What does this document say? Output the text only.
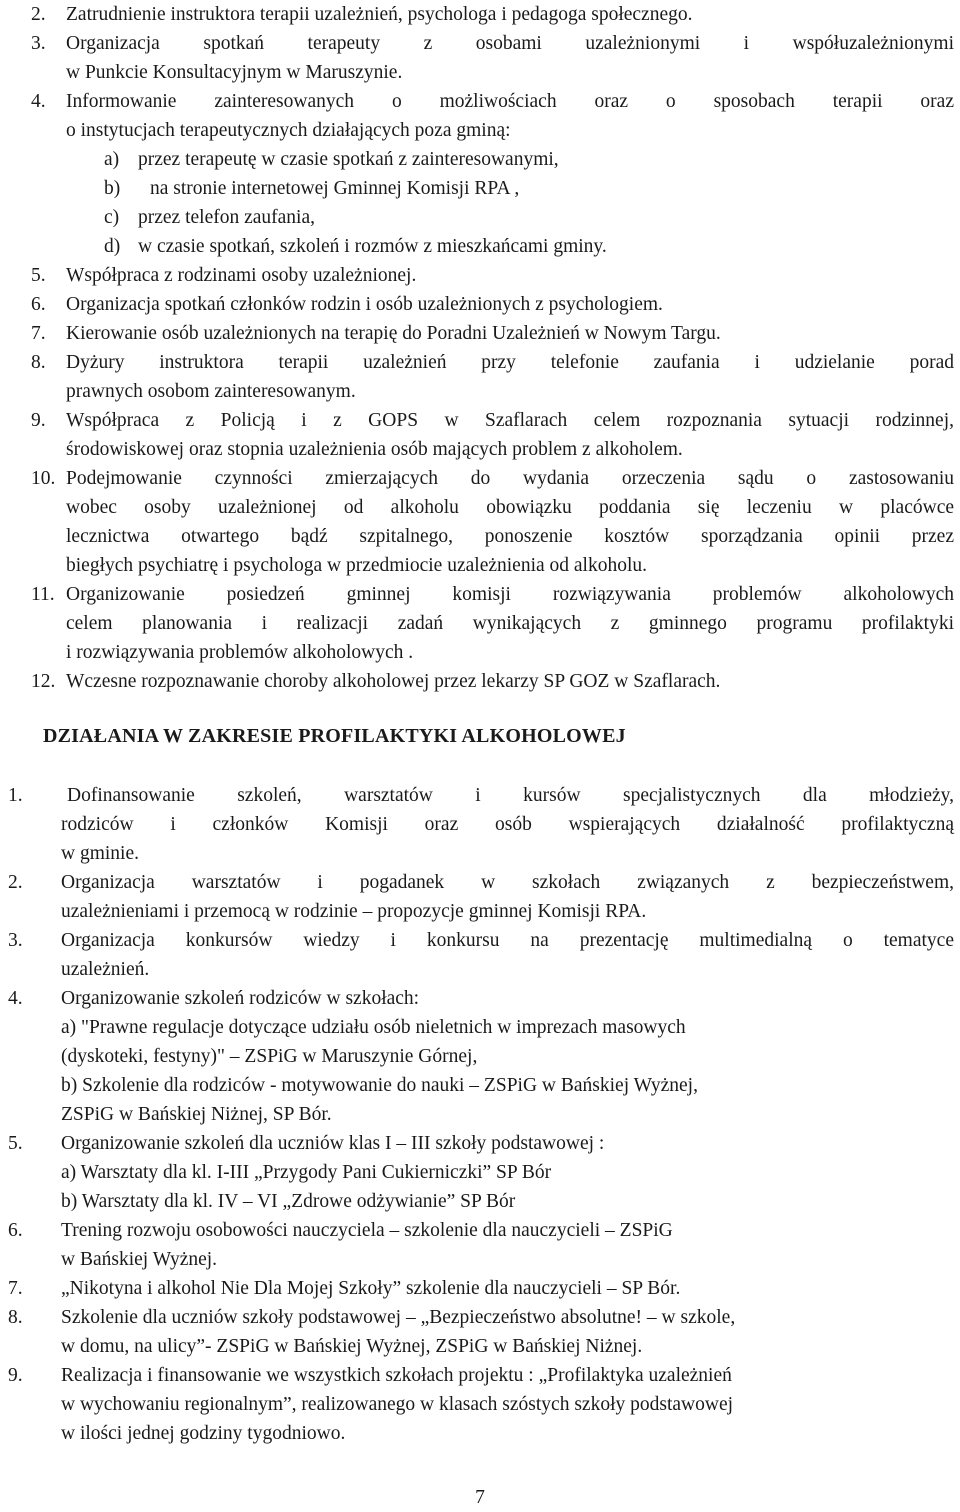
2. Zatrudnienie instruktora terapii uzależnień, psychologa i pedagoga społecznego.
3. Organizacja spotkań terapeuty z osobami uzależnionymi i współuzależnionymi
w Punkcie Konsultacyjnym w Maruszynie.
4. Informowanie zainteresowanych o możliwościach oraz o sposobach terapii oraz
o instytucjach terapeutycznych działających poza gminą:
a) przez terapeutę w czasie spotkań z zainteresowanymi,
b) na stronie internetowej Gminnej Komisji RPA ,
c) przez telefon zaufania,
d) w czasie spotkań, szkoleń i rozmów z mieszkańcami gminy.
5. Współpraca z rodzinami osoby uzależnionej.
6. Organizacja spotkań członków rodzin i osób uzależnionych z psychologiem.
7. Kierowanie osób uzależnionych na terapię do Poradni Uzależnień w Nowym Targu.
8. Dyżury instruktora terapii uzależnień przy telefonie zaufania i udzielanie porad
prawnych osobom zainteresowanym.
9. Współpraca z Policją i z GOPS w Szaflarach celem rozpoznania sytuacji rodzinnej,
środowiskowej oraz stopnia uzależnienia osób mających problem z alkoholem.
10. Podejmowanie czynności zmierzających do wydania orzeczenia sądu o zastosowaniu
wobec osoby uzależnionej od alkoholu obowiązku poddania się leczeniu w placówce
lecznictwa otwartego bądź szpitalnego, ponoszenie kosztów sporządzania opinii przez
biegłych psychiatrę i psychologa w przedmiocie uzależnienia od alkoholu.
11. Organizowanie posiedzeń gminnej komisji rozwiązywania problemów alkoholowych
celem planowania i realizacji zadań wynikających z gminnego programu profilaktyki
i rozwiązywania problemów alkoholowych .
12. Wczesne rozpoznawanie choroby alkoholowej przez lekarzy SP GOZ w Szaflarach.
DZIAŁANIA W ZAKRESIE PROFILAKTYKI ALKOHOLOWEJ
1.	Dofinansowanie szkoleń, warsztatów i kursów specjalistycznych dla młodzieży,
rodziców i członków Komisji oraz osób wspierających działalność profilaktyczną
w gminie.
2. Organizacja warsztatów i pogadanek w szkołach związanych z bezpieczeństwem,
uzależnieniami i przemocą w rodzinie – propozycje gminnej Komisji RPA.
3. Organizacja konkursów wiedzy i konkursu na prezentację multimedialną o tematyce
uzależnień.
4. Organizowanie szkoleń rodziców w szkołach:
a) "Prawne regulacje dotyczące udziału osób nieletnich w imprezach masowych
(dyskoteki, festyny)" – ZSPiG w Maruszynie Górnej,
b) Szkolenie dla rodziców - motywowanie do nauki – ZSPiG w Bańskiej Wyżnej,
ZSPiG w Bańskiej Niżnej, SP Bór.
5. Organizowanie szkoleń dla uczniów klas I – III szkoły podstawowej :
a) Warsztaty dla kl. I-III „Przygody Pani Cukierniczki” SP Bór
b) Warsztaty dla kl. IV – VI „Zdrowe odżywianie” SP Bór
6. Trening rozwoju osobowości nauczyciela – szkolenie dla nauczycieli – ZSPiG
w Bańskiej Wyżnej.
7. „Nikotyna i alkohol Nie Dla Mojej Szkoły” szkolenie dla nauczycieli – SP Bór.
8. Szkolenie dla uczniów szkoły podstawowej – „Bezpieczeństwo absolutne! – w szkole,
w domu, na ulicy”- ZSPiG w Bańskiej Wyżnej, ZSPiG w Bańskiej Niżnej.
9. Realizacja i finansowanie we wszystkich szkołach projektu : „Profilaktyka uzależnień
w wychowaniu regionalnym”, realizowanego w klasach szóstych szkoły podstawowej
w ilości jednej godziny tygodniowo.
7
